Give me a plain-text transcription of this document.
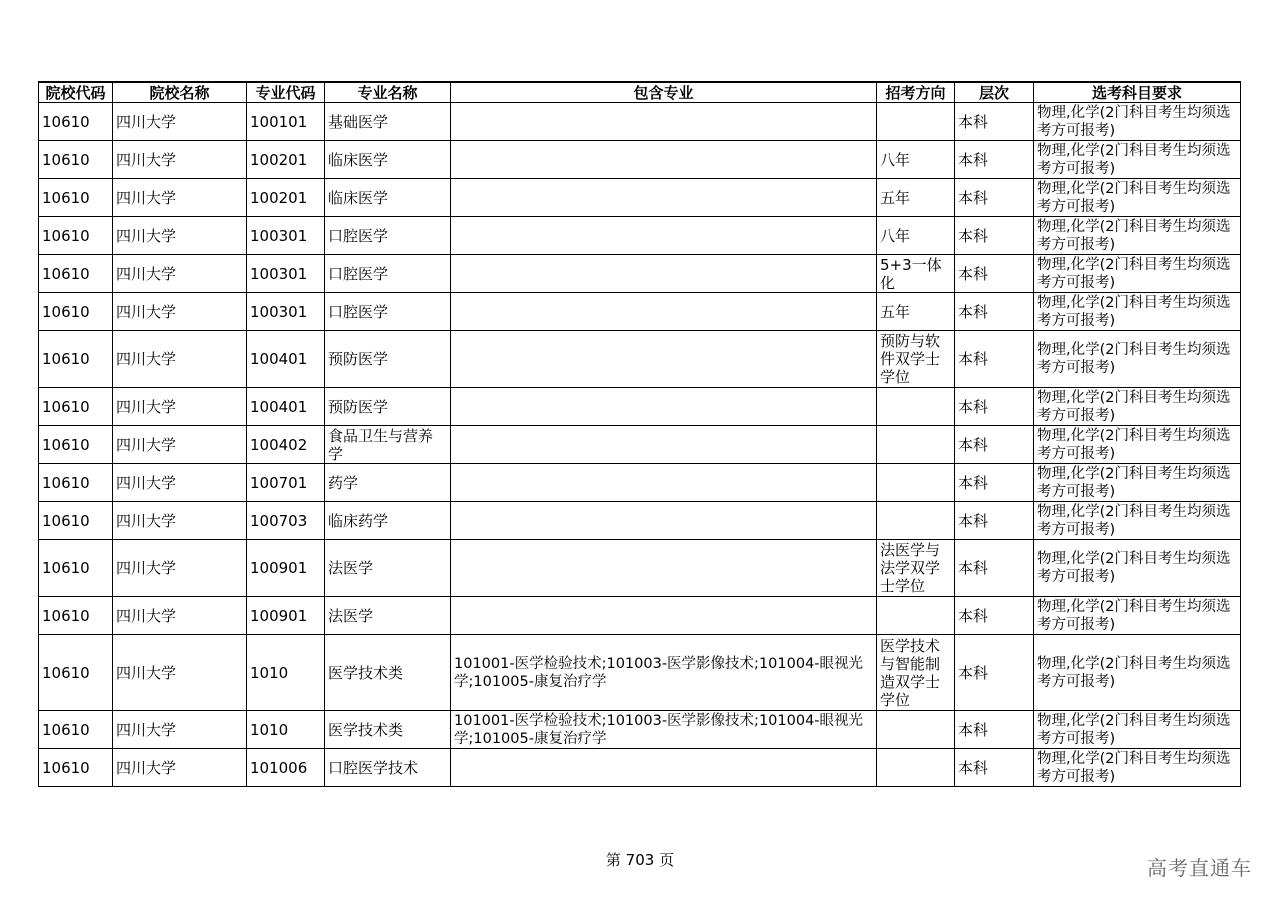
院校代码	院校名称	专业代码	专业名称	包含专业	招考方向	层次	选考科目要求
10610	四川大学	100101	基础医学			本科	物理,化学(2门科目考生均须选考方可报考)
10610	四川大学	100201	临床医学		八年	本科	物理,化学(2门科目考生均须选考方可报考)
10610	四川大学	100201	临床医学		五年	本科	物理,化学(2门科目考生均须选考方可报考)
10610	四川大学	100301	口腔医学		八年	本科	物理,化学(2门科目考生均须选考方可报考)
10610	四川大学	100301	口腔医学		5+3一体化	本科	物理,化学(2门科目考生均须选考方可报考)
10610	四川大学	100301	口腔医学		五年	本科	物理,化学(2门科目考生均须选考方可报考)
10610	四川大学	100401	预防医学		预防与软件双学士学位	本科	物理,化学(2门科目考生均须选考方可报考)
10610	四川大学	100401	预防医学			本科	物理,化学(2门科目考生均须选考方可报考)
10610	四川大学	100402	食品卫生与营养学			本科	物理,化学(2门科目考生均须选考方可报考)
10610	四川大学	100701	药学			本科	物理,化学(2门科目考生均须选考方可报考)
10610	四川大学	100703	临床药学			本科	物理,化学(2门科目考生均须选考方可报考)
10610	四川大学	100901	法医学		法医学与法学双学士学位	本科	物理,化学(2门科目考生均须选考方可报考)
10610	四川大学	100901	法医学			本科	物理,化学(2门科目考生均须选考方可报考)
10610	四川大学	1010	医学技术类	101001-医学检验技术;101003-医学影像技术;101004-眼视光学;101005-康复治疗学	医学技术与智能制造双学士学位	本科	物理,化学(2门科目考生均须选考方可报考)
10610	四川大学	1010	医学技术类	101001-医学检验技术;101003-医学影像技术;101004-眼视光学;101005-康复治疗学		本科	物理,化学(2门科目考生均须选考方可报考)
10610	四川大学	101006	口腔医学技术			本科	物理,化学(2门科目考生均须选考方可报考)
第 703 页	高考直通车
